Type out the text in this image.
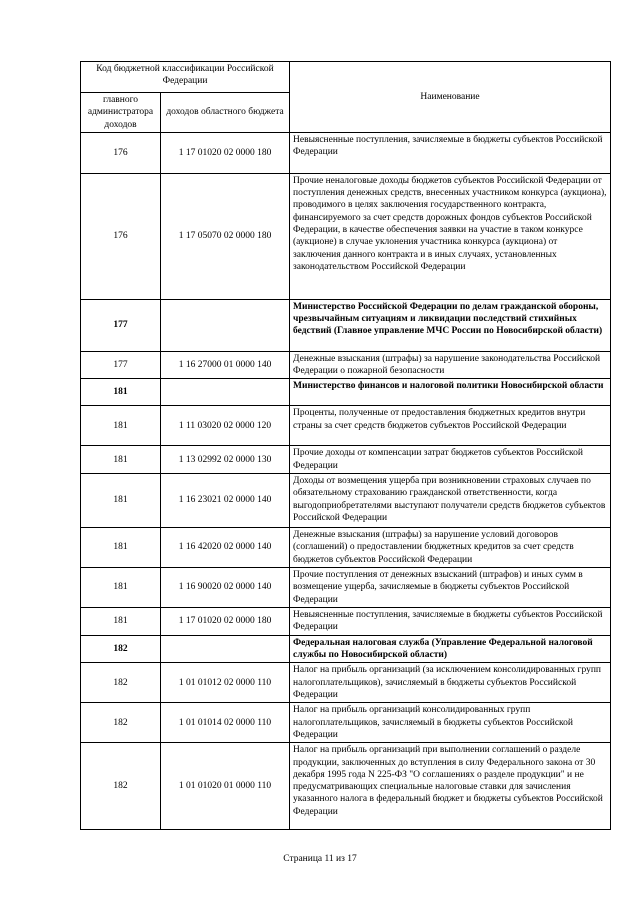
Код бюджетной классификации Российской Федерации		Наименование
главного администратора доходов	доходов областного бюджета	
176	1 17 01020 02 0000 180	Невыясненные поступления, зачисляемые в бюджеты субъектов Российской Федерации
176	1 17 05070 02 0000 180	Прочие неналоговые доходы бюджетов субъектов Российской Федерации от поступления денежных средств, внесенных участником конкурса (аукциона), проводимого в целях заключения государственного контракта, финансируемого за счет средств дорожных фондов субъектов Российской Федерации, в качестве обеспечения заявки на участие в таком конкурсе (аукционе) в случае уклонения участника конкурса (аукциона) от заключения данного контракта и в иных случаях, установленных законодательством Российской Федерации
177		Министерство Российской Федерации по делам гражданской обороны, чрезвычайным ситуациям и ликвидации последствий стихийных бедствий (Главное управление МЧС России по Новосибирской области)
177	1 16 27000 01 0000 140	Денежные взыскания (штрафы) за нарушение законодательства Российской Федерации о пожарной безопасности
181		Министерство финансов и налоговой политики Новосибирской области
181	1 11 03020 02 0000 120	Проценты, полученные от предоставления бюджетных кредитов внутри страны за счет средств бюджетов субъектов Российской Федерации
181	1 13 02992 02 0000 130	Прочие доходы от компенсации затрат бюджетов субъектов Российской Федерации
181	1 16 23021 02 0000 140	Доходы от возмещения ущерба при возникновении страховых случаев по обязательному страхованию гражданской ответственности, когда выгодоприобретателями выступают получатели средств бюджетов субъектов Российской Федерации
181	1 16 42020 02 0000 140	Денежные взыскания (штрафы) за нарушение условий договоров (соглашений) о предоставлении бюджетных кредитов за счет средств бюджетов субъектов Российской Федерации
181	1 16 90020 02 0000 140	Прочие поступления от денежных взысканий (штрафов) и иных сумм в возмещение ущерба, зачисляемые в бюджеты субъектов Российской Федерации
181	1 17 01020 02 0000 180	Невыясненные поступления, зачисляемые в бюджеты субъектов Российской Федерации
182		Федеральная налоговая служба (Управление Федеральной налоговой службы по Новосибирской области)
182	1 01 01012 02 0000 110	Налог на прибыль организаций (за исключением консолидированных групп налогоплательщиков), зачисляемый в бюджеты субъектов Российской Федерации
182	1 01 01014 02 0000 110	Налог на прибыль организаций консолидированных групп налогоплательщиков, зачисляемый в бюджеты субъектов Российской Федерации
182	1 01 01020 01 0000 110	Налог на прибыль организаций при выполнении соглашений о разделе продукции, заключенных до вступления в силу Федерального закона от 30 декабря 1995 года N 225-ФЗ "О соглашениях о разделе продукции" и не предусматривающих специальные налоговые ставки для зачисления указанного налога в федеральный бюджет и бюджеты субъектов Российской Федерации
Страница 11 из 17
